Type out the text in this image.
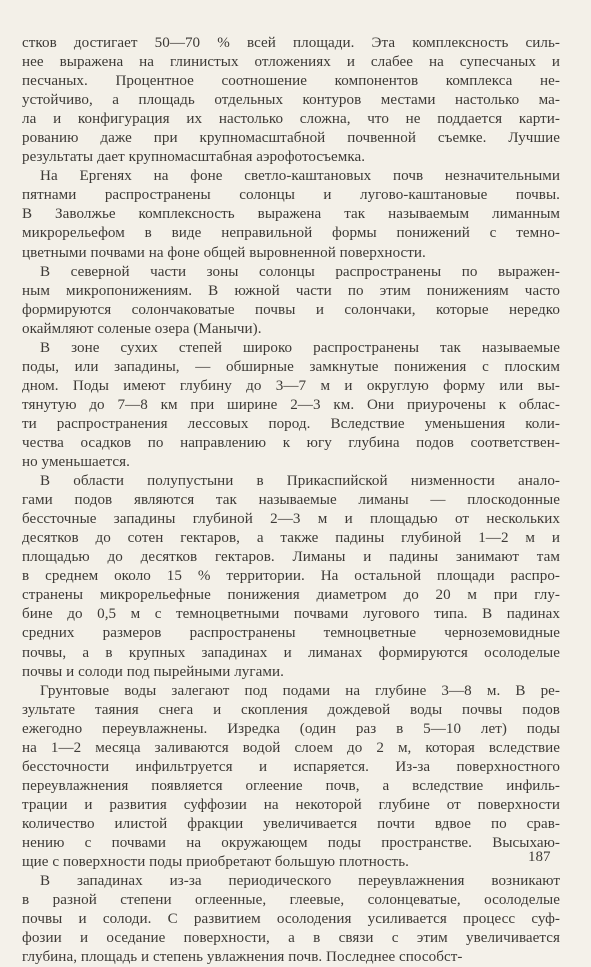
стков достигает 50—70 % всей площади. Эта комплексность силь-
нее выражена на глинистых отложениях и слабее на супесчаных и
песчаных. Процентное соотношение компонентов комплекса не-
устойчиво, а площадь отдельных контуров местами настолько ма-
ла и конфигурация их настолько сложна, что не поддается карти-
рованию даже при крупномасштабной почвенной съемке. Лучшие
результаты дает крупномасштабная аэрофотосъемка.
На Ергенях на фоне светло-каштановых почв незначительными
пятнами распространены солонцы и лугово-каштановые почвы.
В Заволжье комплексность выражена так называемым лиманным
микрорельефом в виде неправильной формы понижений с темно-
цветными почвами на фоне общей выровненной поверхности.
В северной части зоны солонцы распространены по выражен-
ным микропонижениям. В южной части по этим понижениям часто
формируются солончаковатые почвы и солончаки, которые нередко
окаймляют соленые озера (Манычи).
В зоне сухих степей широко распространены так называемые
поды, или западины, — обширные замкнутые понижения с плоским
дном. Поды имеют глубину до 3—7 м и округлую форму или вы-
тянутую до 7—8 км при ширине 2—3 км. Они приурочены к облас-
ти распространения лессовых пород. Вследствие уменьшения коли-
чества осадков по направлению к югу глубина подов соответствен-
но уменьшается.
В области полупустыни в Прикаспийской низменности анало-
гами подов являются так называемые лиманы — плоскодонные
бессточные западины глубиной 2—3 м и площадью от нескольких
десятков до сотен гектаров, а также падины глубиной 1—2 м и
площадью до десятков гектаров. Лиманы и падины занимают там
в среднем около 15 % территории. На остальной площади распро-
странены микрорельефные понижения диаметром до 20 м при глу-
бине до 0,5 м с темноцветными почвами лугового типа. В падинах
средних размеров распространены темноцветные черноземовидные
почвы, а в крупных западинах и лиманах формируются осолоделые
почвы и солоди под пырейными лугами.
Грунтовые воды залегают под подами на глубине 3—8 м. В ре-
зультате таяния снега и скопления дождевой воды почвы подов
ежегодно переувлажнены. Изредка (один раз в 5—10 лет) поды
на 1—2 месяца заливаются водой слоем до 2 м, которая вследствие
бессточности инфильтруется и испаряется. Из-за поверхностного
переувлажнения появляется оглеение почв, а вследствие инфиль-
трации и развития суффозии на некоторой глубине от поверхности
количество илистой фракции увеличивается почти вдвое по срав-
нению с почвами на окружающем поды пространстве. Высыхаю-
щие с поверхности поды приобретают большую плотность.
В западинах из-за периодического переувлажнения возникают
в разной степени оглеенные, глеевые, солонцеватые, осолоделые
почвы и солоди. С развитием осолодения усиливается процесс суф-
фозии и оседание поверхности, а в связи с этим увеличивается
глубина, площадь и степень увлажнения почв. Последнее способст-
187
